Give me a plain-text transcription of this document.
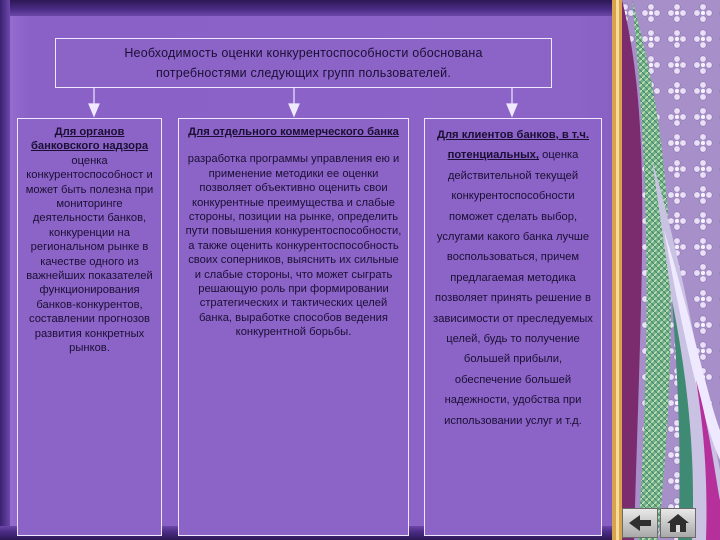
Необходимость оценки конкурентоспособности обоснована
потребностями следующих групп пользователей.
Для органов банковского надзора
оценка конкурентоспособност и может быть полезна при мониторинге деятельности банков, конкуренции на региональном рынке в качестве одного из важнейших показателей функционирования банков-конкурентов, составлении прогнозов развития конкретных рынков.
Для отдельного коммерческого банка
разработка программы управления ею и применение методики ее оценки позволяет объективно оценить свои конкурентные преимущества и слабые стороны, позиции на рынке, определить пути повышения конкурентоспособности, а также оценить конкурентоспособность своих соперников, выяснить их сильные и слабые стороны, что может сыграть решающую роль при формировании стратегических и тактических целей банка, выработке способов ведения конкурентной борьбы.
Для клиентов банков, в т.ч. потенциальных, оценка действительной текущей конкурентоспособности поможет сделать выбор, услугами какого банка лучше воспользоваться, причем предлагаемая методика позволяет принять решение в зависимости от преследуемых целей, будь то получение большей прибыли, обеспечение большей надежности, удобства при использовании услуг и т.д.
